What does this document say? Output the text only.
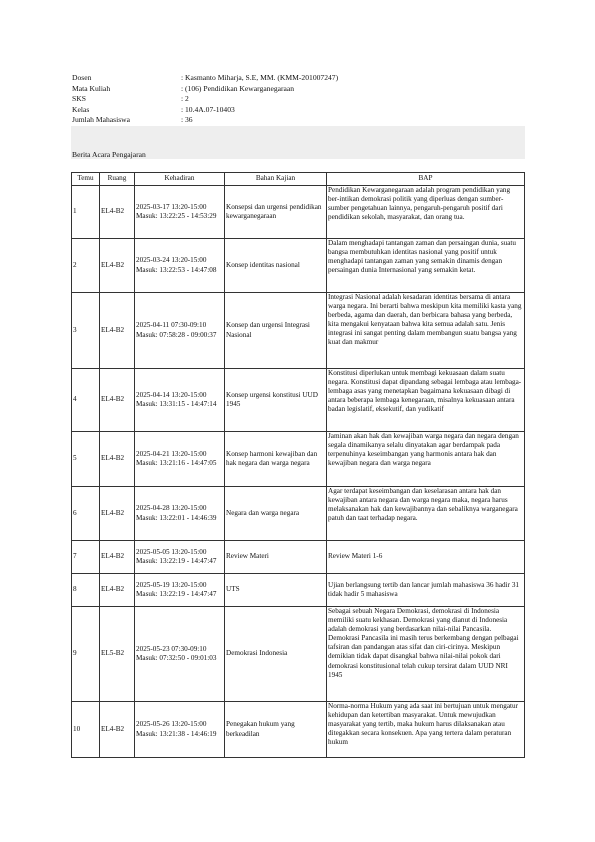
Dosen	: Kasmanto Miharja, S.E, MM. (KMM-201007247)
Mata Kuliah	: (106) Pendidikan Kewarganegaraan
SKS	: 2
Kelas	: 10.4A.07-10403
Jumlah Mahasiswa	: 36
Berita Acara Pengajaran
Temu	Ruang	Kehadiran	Bahan Kajian	BAP
1	EL4-B2	2025-03-17 13:20-15:00 Masuk: 13:22:25 - 14:53:29	Konsepsi dan urgensi pendidikan kewarganegaraan	Pendidikan Kewarganegaraan adalah program pendidikan yang ber-intikan demokrasi politik yang diperluas dengan sumber-sumber pengetahuan lainnya, pengaruh-pengaruh positif dari pendidikan sekolah, masyarakat, dan orang tua.
2	EL4-B2	2025-03-24 13:20-15:00 Masuk: 13:22:53 - 14:47:08	Konsep identitas nasional	Dalam menghadapi tantangan zaman dan persaingan dunia, suatu bangsa membutuhkan identitas nasional yang positif untuk menghadapi tantangan zaman yang semakin dinamis dengan persaingan dunia Internasional yang semakin ketat.
3	EL4-B2	2025-04-11 07:30-09:10 Masuk: 07:58:28 - 09:00:37	Konsep dan urgensi Integrasi Nasional	Integrasi Nasional adalah kesadaran identitas bersama di antara warga negara. Ini berarti bahwa meskipun kita memiliki kasta yang berbeda, agama dan daerah, dan berbicara bahasa yang berbeda, kita mengakui kenyataan bahwa kita semua adalah satu. Jenis integrasi ini sangat penting dalam membangun suatu bangsa yang kuat dan makmur
4	EL4-B2	2025-04-14 13:20-15:00 Masuk: 13:31:15 - 14:47:14	Konsep urgensi konstitusi UUD 1945	Konstitusi diperlukan untuk membagi kekuasaan dalam suatu negara. Konstitusi dapat dipandang sebagai lembaga atau lembaga-lembaga asas yang menetapkan bagaimana kekuasaan dibagi di antara beberapa lembaga kenegaraan, misalnya kekuasaan antara badan legislatif, eksekutif, dan yudikatif
5	EL4-B2	2025-04-21 13:20-15:00 Masuk: 13:21:16 - 14:47:05	Konsep harmoni kewajiban dan hak negara dan warga negara	Jaminan akan hak dan kewajiban warga negara dan negara dengan segala dinamikanya selalu dinyatakan agar berdampak pada terpenuhinya keseimbangan yang harmonis antara hak dan kewajiban negara dan warga negara
6	EL4-B2	2025-04-28 13:20-15:00 Masuk: 13:22:01 - 14:46:39	Negara dan warga negara	Agar terdapat keseimbangan dan keselarasan antara hak dan kewajiban antara negara dan warga negara maka, negara harus melaksanakan hak dan kewajibannya dan sebaliknya warganegara patuh dan taat terhadap negara.
7	EL4-B2	2025-05-05 13:20-15:00 Masuk: 13:22:19 - 14:47:47	Review Materi	Review Materi 1-6
8	EL4-B2	2025-05-19 13:20-15:00 Masuk: 13:22:19 - 14:47:47	UTS	Ujian berlangsung tertib dan lancar jumlah mahasiswa 36 hadir 31 tidak hadir 5 mahasiswa
9	EL5-B2	2025-05-23 07:30-09:10 Masuk: 07:32:50 - 09:01:03	Demokrasi Indonesia	Sebagai sebuah Negara Demokrasi, demokrasi di Indonesia memiliki suatu kekhasan. Demokrasi yang dianut di Indonesia adalah demokrasi yang berdasarkan nilai-nilai Pancasila. Demokrasi Pancasila ini masih terus berkembang dengan pelbagai tafsiran dan pandangan atas sifat dan ciri-cirinya. Meskipun demikian tidak dapat disangkal bahwa nilai-nilai pokok dari demokrasi konstitusional telah cukup tersirat dalam UUD NRI 1945
10	EL4-B2	2025-05-26 13:20-15:00 Masuk: 13:21:38 - 14:46:19	Penegakan hukum yang berkeadilan	Norma-norma Hukum yang ada saat ini bertujuan untuk mengatur kehidupan dan ketertiban masyarakat. Untuk mewujudkan masyarakat yang tertib, maka hukum harus dilaksanakan atau ditegakkan secara konsekuen. Apa yang tertera dalam peraturan hukum
